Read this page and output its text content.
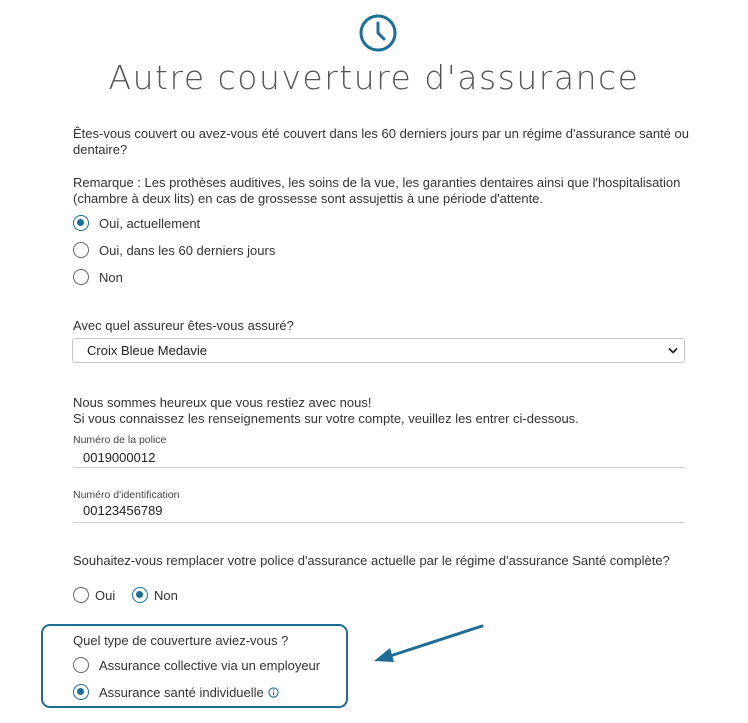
Autre couverture d'assurance
Êtes-vous couvert ou avez-vous été couvert dans les 60 derniers jours par un régime d'assurance santé ou
dentaire?
Remarque : Les prothèses auditives, les soins de la vue, les garanties dentaires ainsi que l'hospitalisation
(chambre à deux lits) en cas de grossesse sont assujettis à une période d'attente.
Oui, actuellement
Oui, dans les 60 derniers jours
Non
Avec quel assureur êtes-vous assuré?
Croix Bleue Medavie
Nous sommes heureux que vous restiez avec nous!
Si vous connaissez les renseignements sur votre compte, veuillez les entrer ci-dessous.
Numéro de la police
0019000012
Numéro d'identification
00123456789
Souhaitez-vous remplacer votre police d'assurance actuelle par le régime d'assurance Santé complète?
Oui	Non
Quel type de couverture aviez-vous ?
Assurance collective via un employeur
Assurance santé individuelle
